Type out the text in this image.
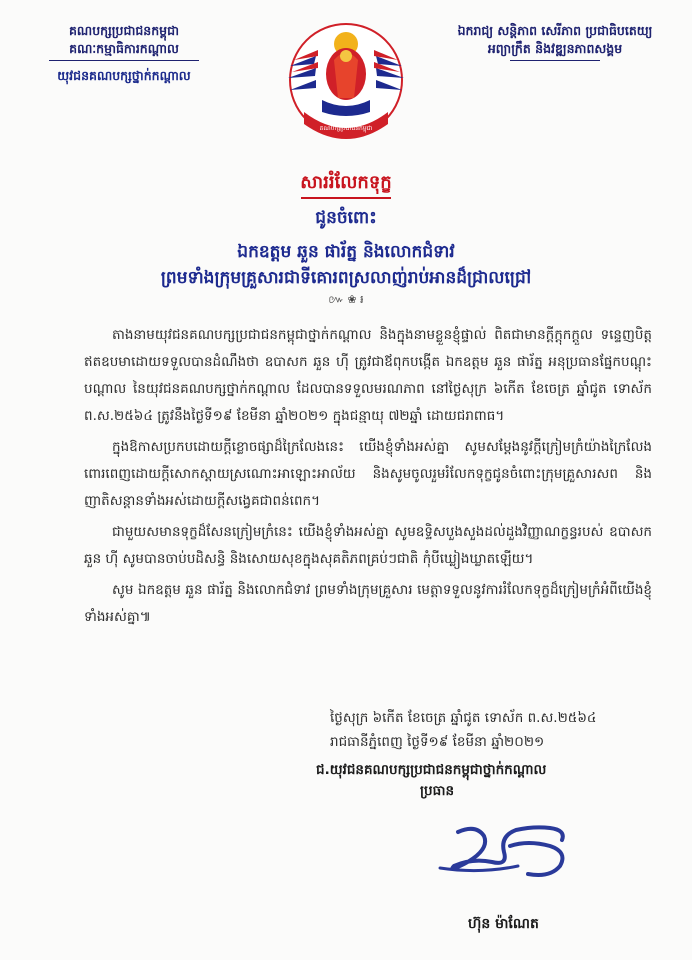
គណបក្សប្រជាជនកម្ពុជា
គណៈកម្មាធិការកណ្ដាល
យុវជនគណបក្សថ្នាក់កណ្ដាល
គណបក្សប្រជាជនកម្ពុជា
ឯករាជ្យ សន្តិភាព សេរីភាព ប្រជាធិបតេយ្យ
អព្យាក្រឹត និងវឌ្ឍនភាពសង្គម
សាររំលែកទុក្ខ
ជូនចំពោះ
ឯកឧត្តម ឆួន ផារ័ត្ន និងលោកជំទាវ
ព្រមទាំងក្រុមគ្រួសារជាទីគោរពស្រលាញ់រាប់អានដ៏ជ្រាលជ្រៅ
៚ ❀ ៛

តាងនាមយុវជនគណបក្សប្រជាជនកម្ពុជាថ្នាក់កណ្ដាល និងក្នុងនាមខ្លួនខ្ញុំផ្ទាល់ ពិតជាមានក្ដីក្ដុកក្ដួល ទន្ទេញបិត្តឥតឧបមាដោយទទួលបានដំណឹងថា ឧបាសក ឆួន ហ៊ី ត្រូវជាឪពុកបង្កើត ឯកឧត្តម ឆួន ផារ័ត្ន អនុប្រធានផ្នែកបណ្ដុះបណ្ដាល នៃយុវជនគណបក្សថ្នាក់កណ្ដាល ដែលបានទទួលមរណភាព នៅថ្ងៃសុក្រ ៦កើត ខែចេត្រ ឆ្នាំជូត ទោស័ក ព.ស.២៥៦៤ ត្រូវនឹងថ្ងៃទី១៩ ខែមីនា ឆ្នាំ២០២១ ក្នុងជន្មាយុ ៧២ឆ្នាំ ដោយជរាពាធ។

ក្នុងឱកាសប្រកបដោយក្ដីខ្លោចផ្សាដ៏ក្រៃលែងនេះ យើងខ្ញុំទាំងអស់គ្នា សូមសម្ដែងនូវក្ដីក្រៀមក្រំយ៉ាងក្រៃលែង ពោរពេញដោយក្ដីសោកស្ដាយស្រណោះអាឡោះអាល័យ និងសូមចូលរួមរំលែកទុក្ខជូនចំពោះក្រុមគ្រួសារសព និងញាតិសន្ដានទាំងអស់ដោយក្ដីសង្វេគជាពន់ពេក។

ជាមួយសមានទុក្ខដ៏សែនក្រៀមក្រំនេះ យើងខ្ញុំទាំងអស់គ្នា សូមឧទ្ទិសបួងសួងដល់ដួងវិញ្ញាណក្ខន្ធរបស់ ឧបាសក ឆួន ហ៊ី សូមបានចាប់បដិសន្ធិ និងសោយសុខក្នុងសុគតិភពគ្រប់ៗជាតិ កុំបីឃ្លៀងឃ្លាតឡើយ។

សូម ឯកឧត្តម ឆួន ផារ័ត្ន និងលោកជំទាវ ព្រមទាំងក្រុមគ្រួសារ មេត្តាទទួលនូវការរំលែកទុក្ខដ៏ក្រៀមក្រំអំពីយើងខ្ញុំទាំងអស់គ្នា៕

ថ្ងៃសុក្រ ៦កើត ខែចេត្រ ឆ្នាំជូត ទោស័ក ព.ស.២៥៦៤
រាជធានីភ្នំពេញ ថ្ងៃទី១៩ ខែមីនា ឆ្នាំ២០២១
ជ.យុវជនគណបក្សប្រជាជនកម្ពុជាថ្នាក់កណ្ដាល
ប្រធាន
ហ៊ុន ម៉ាណែត
